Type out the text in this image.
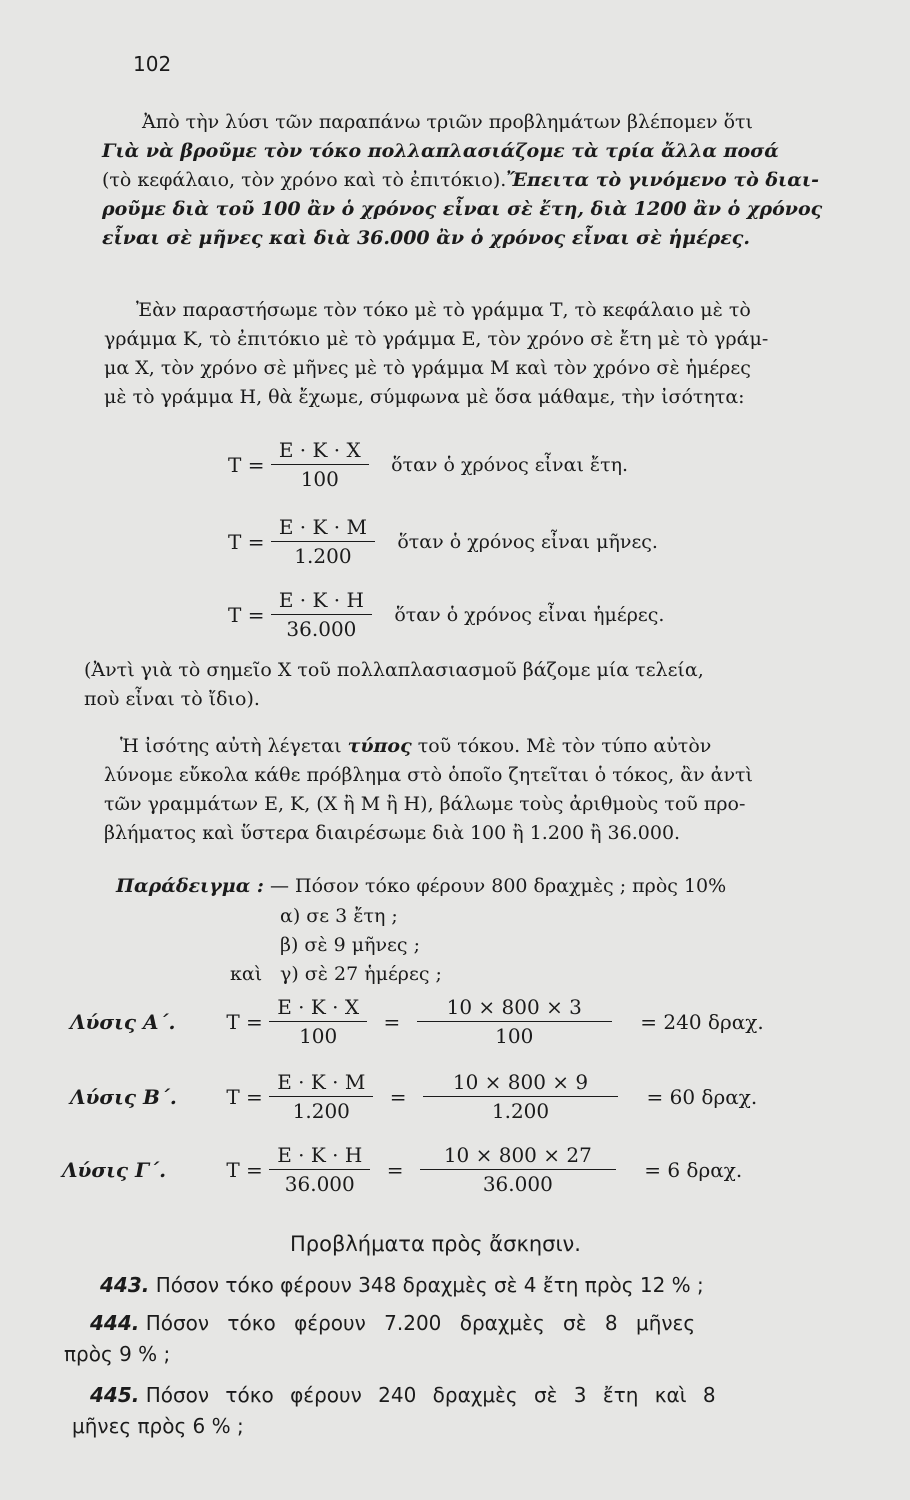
102
Ἀπὸ τὴν λύσι τῶν παραπάνω τριῶν προβλημάτων βλέπομεν ὅτι
Γιὰ νὰ βροῦμε τὸν τόκο πολλαπλασιάζομε τὰ τρία ἄλλα ποσά
(τὸ κεφάλαιο, τὸν χρόνο καὶ τὸ ἐπιτόκιο).Ἔπειτα τὸ γινόμενο τὸ διαι-
ροῦμε διὰ τοῦ 100 ἂν ὁ χρόνος εἶναι σὲ ἔτη, διὰ 1200 ἂν ὁ χρόνος
εἶναι σὲ μῆνες καὶ διὰ 36.000 ἂν ὁ χρόνος εἶναι σὲ ἡμέρες.
Ἐὰν παραστήσωμε τὸν τόκο μὲ τὸ γράμμα Τ, τὸ κεφάλαιο μὲ τὸ
γράμμα Κ, τὸ ἐπιτόκιο μὲ τὸ γράμμα Ε, τὸν χρόνο σὲ ἔτη μὲ τὸ γράμ-
μα Χ, τὸν χρόνο σὲ μῆνες μὲ τὸ γράμμα Μ καὶ τὸν χρόνο σὲ ἡμέρες
μὲ τὸ γράμμα Η, θὰ ἔχωμε, σύμφωνα μὲ ὅσα μάθαμε, τὴν ἰσότητα:
$T = \frac{E \cdot K \cdot X}{100}$ ὅταν ὁ χρόνος εἶναι ἔτη.
$T = \frac{E \cdot K \cdot M}{1.200}$ ὅταν ὁ χρόνος εἶναι μῆνες.
$T = \frac{E \cdot K \cdot H}{36.000}$ ὅταν ὁ χρόνος εἶναι ἡμέρες.
(Ἀντὶ γιὰ τὸ σημεῖο Χ τοῦ πολλαπλασιασμοῦ βάζομε μία τελεία,
ποὺ εἶναι τὸ ἴδιο).
Ἡ ἰσότης αὐτὴ λέγεται τύπος τοῦ τόκου. Μὲ τὸν τύπο αὐτὸν
λύνομε εὔκολα κάθε πρόβλημα στὸ ὁποῖο ζητεῖται ὁ τόκος, ἂν ἀντὶ
τῶν γραμμάτων Ε, Κ, (Χ ἢ Μ ἢ Η), βάλωμε τοὺς ἀριθμοὺς τοῦ προ-
βλήματος καὶ ὕστερα διαιρέσωμε διὰ 100 ἢ 1.200 ἢ 36.000.
Παράδειγμα : — Πόσον τόκο φέρουν 800 δραχμὲς ; πρὸς 10%
α) σε 3 ἔτη ;
β) σὲ 9 μῆνες ;
καὶ γ) σὲ 27 ἡμέρες ;
Λύσις Α΄.	$T = \frac{E \cdot K \cdot X}{100} = \frac{10 \times 800 \times 3}{100} = 240$ δραχ.
Λύσις Β΄. $T = \frac{E \cdot K \cdot M}{1.200} = \frac{10 \times 800 \times 9}{1.200} = 60$ δραχ.
Λύσις Γ΄.	$T = \frac{E \cdot K \cdot H}{36.000} = \frac{10 \times 800 \times 27}{36.000} = 6$ δραχ.
Προβλήματα πρὸς ἄσκησιν.
443. Πόσον τόκο φέρουν 348 δραχμὲς σὲ 4 ἔτη πρὸς 12 % ;
444. Πόσον τόκο φέρουν 7.200 δραχμὲς σὲ 8 μῆνες
πρὸς 9 % ;
445. Πόσον τόκο φέρουν 240 δραχμὲς σὲ 3 ἔτη καὶ 8
μῆνες πρὸς 6 % ;
